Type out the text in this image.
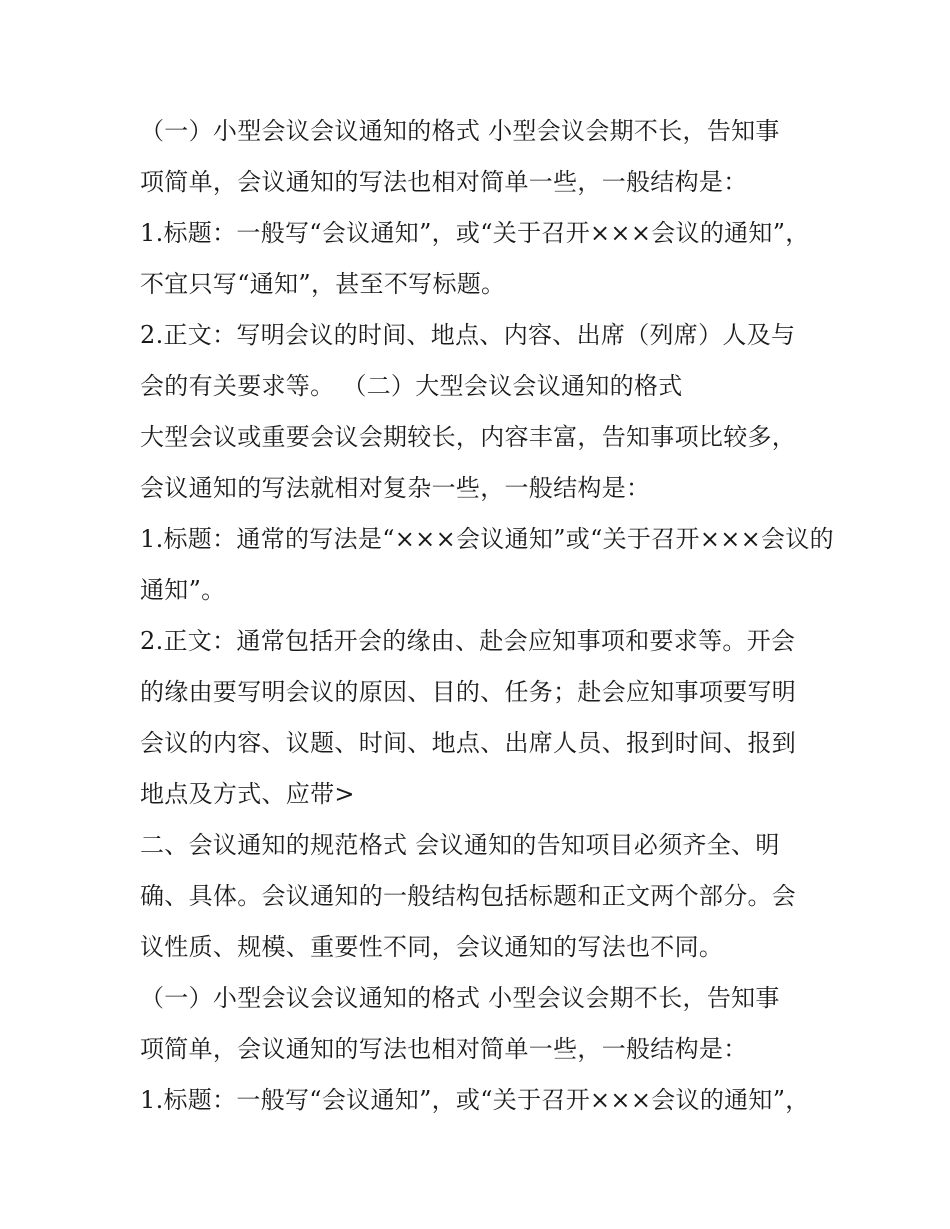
（一）小型会议会议通知的格式 小型会议会期不长，告知事
项简单，会议通知的写法也相对简单一些，一般结构是：
1.标题：一般写“会议通知”，或“关于召开×××会议的通知”，
不宜只写“通知”，甚至不写标题。
2.正文：写明会议的时间、地点、内容、出席（列席）人及与
会的有关要求等。 （二）大型会议会议通知的格式
大型会议或重要会议会期较长，内容丰富，告知事项比较多，
会议通知的写法就相对复杂一些，一般结构是：
1.标题：通常的写法是“×××会议通知”或“关于召开×××会议的
通知”。
2.正文：通常包括开会的缘由、赴会应知事项和要求等。开会
的缘由要写明会议的原因、目的、任务；赴会应知事项要写明
会议的内容、议题、时间、地点、出席人员、报到时间、报到
地点及方式、应带>
二、会议通知的规范格式 会议通知的告知项目必须齐全、明
确、具体。会议通知的一般结构包括标题和正文两个部分。会
议性质、规模、重要性不同，会议通知的写法也不同。
（一）小型会议会议通知的格式 小型会议会期不长，告知事
项简单，会议通知的写法也相对简单一些，一般结构是：
1.标题：一般写“会议通知”，或“关于召开×××会议的通知”，
